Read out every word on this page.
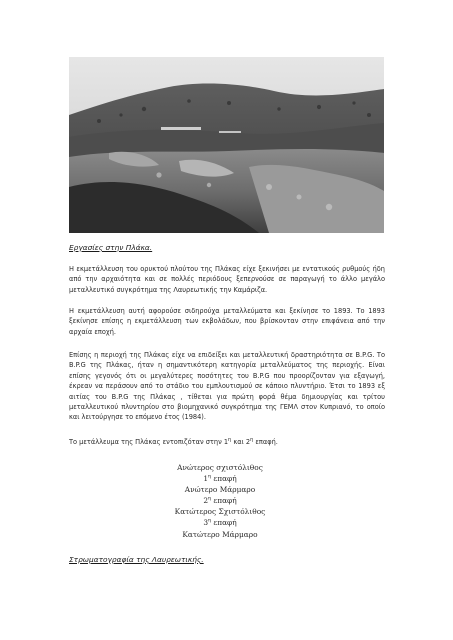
Εργασίες στην Πλάκα.
Η εκμετάλλευση του ορυκτού πλούτου της Πλάκας είχε ξεκινήσει με εντατικούς ρυθμούς ήδη από την αρχαιότητα και σε πολλές περιόδους ξεπερνούσε σε παραγωγή το άλλο μεγάλο μεταλλευτικό συγκρότημα της Λαυρεωτικής την Καμάριζα.
Η εκμετάλλευση αυτή αφορούσε σιδηρούχα μεταλλεύματα και ξεκίνησε το 1893. Το 1893 ξεκίνησε επίσης η εκμετάλλευση των εκβολάδων, που βρίσκονταν στην επιφάνεια από την αρχαία εποχή.
Επίσης η περιοχή της Πλάκας είχε να επιδείξει και μεταλλευτική δραστηριότητα σε B.P.G. Το B.P.G της Πλάκας, ήταν η σημαντικότερη κατηγορία μεταλλεύματος της περιοχής. Είναι επίσης γεγονός ότι οι μεγαλύτερες ποσότητες του B.P.G που προορίζονταν για εξαγωγή, έκρεαν να περάσουν από το στάδιο του εμπλουτισμού σε κάποιο πλυντήριο. Έτσι το 1893 εξ αιτίας του B.P.G της Πλάκας , τίθεται για πρώτη φορά θέμα δημιουργίας και τρίτου μεταλλευτικού πλυντηρίου στο βιομηχανικό συγκρότημα της ΓΕΜΛ στον Κυπριανό, το οποίο και λειτούργησε το επόμενο έτος (1984).
Το μετάλλευμα της Πλάκας εντοπιζόταν στην $1^\eta$ και $2^\eta$ επαφή.
Ανώτερος σχιστόλιθος
$1^\eta$ επαφή
Ανώτερο Μάρμαρο
$2^\eta$ επαφή
Κατώτερος Σχιστόλιθος
$3^\eta$ επαφή
Κατώτερο Μάρμαρο
Στρωματογραφία της Λαυρεωτικής.
